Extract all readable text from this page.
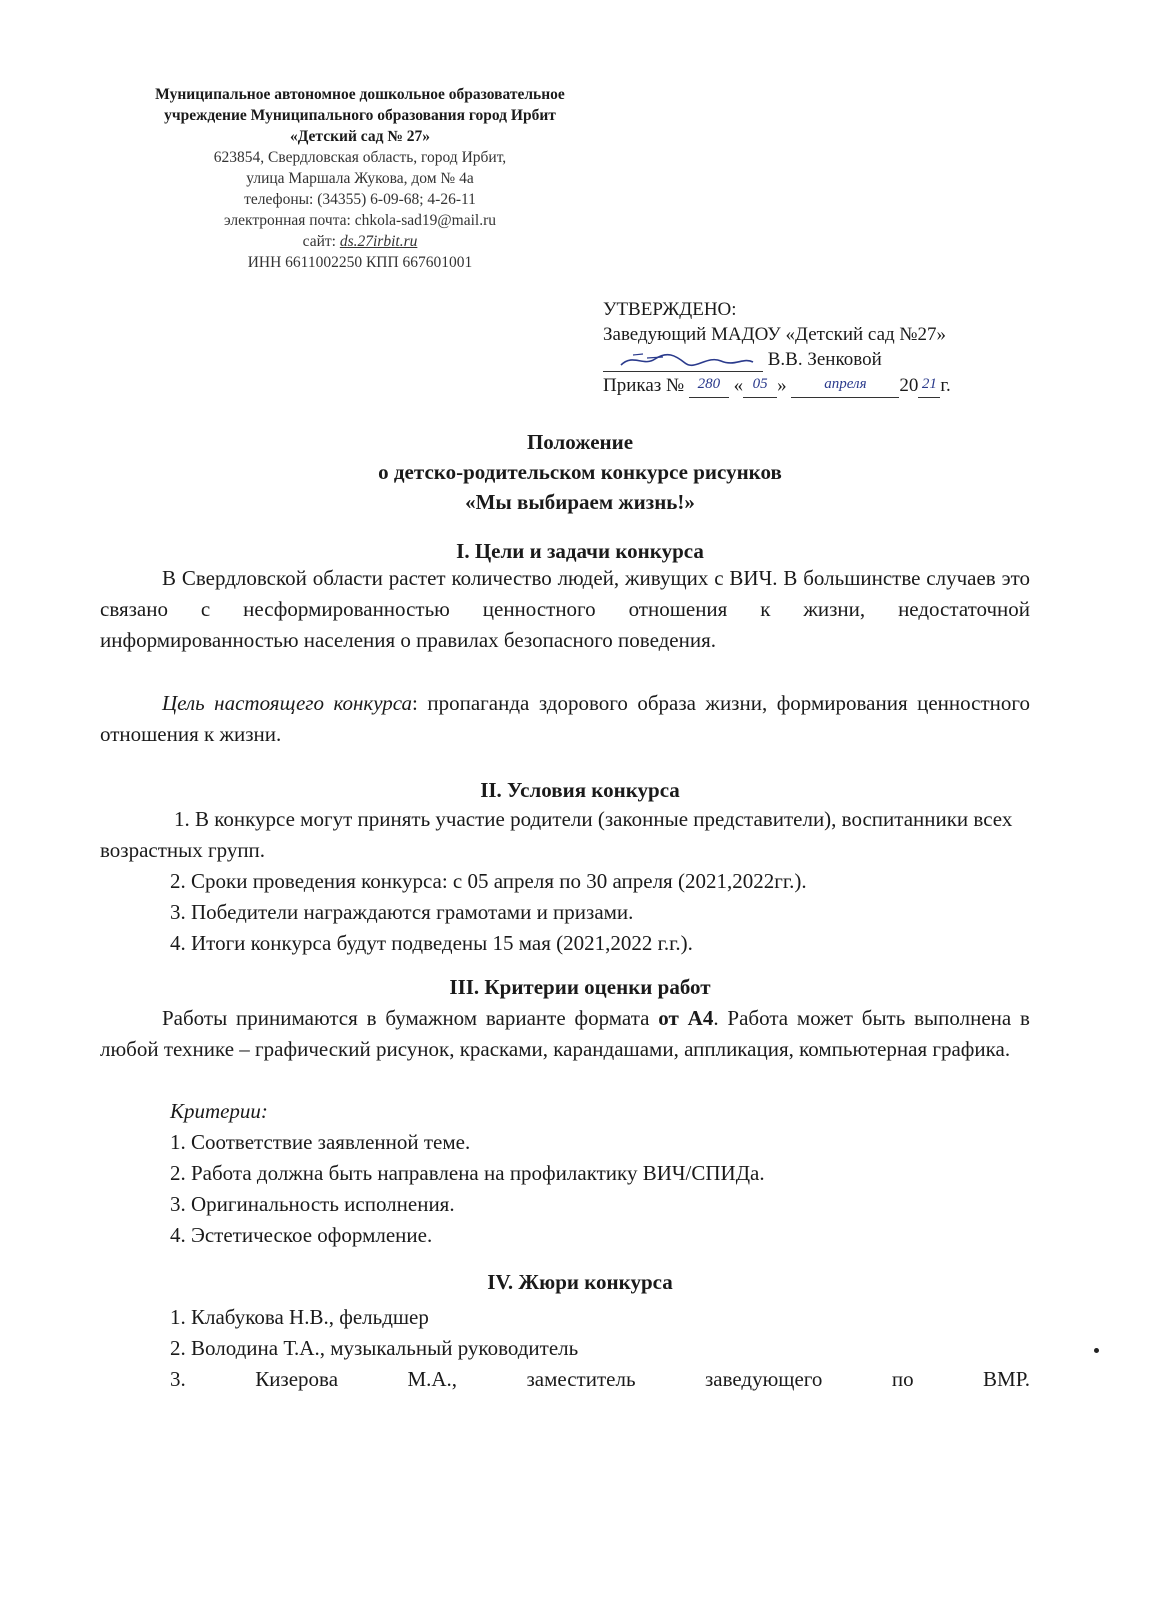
Муниципальное автономное дошкольное образовательное
учреждение Муниципального образования город Ирбит
«Детский сад № 27»
623854, Свердловская область, город Ирбит,
улица Маршала Жукова, дом № 4а
телефоны: (34355) 6-09-68; 4-26-11
электронная почта: chkola-sad19@mail.ru
сайт: ds.27irbit.ru
ИНН 6611002250 КПП 667601001
УТВЕРЖДЕНО:
Заведующий МАДОУ «Детский сад №27»
В.В. Зенковой
Приказ № 280 « 05 »	апреля 20 21 г.
Положение
о детско-родительском конкурсе рисунков
«Мы выбираем жизнь!»
I. Цели и задачи конкурса
В Свердловской области растет количество людей, живущих с ВИЧ. В большинстве случаев это связано с несформированностью ценностного отношения к жизни, недостаточной информированностью населения о правилах безопасного поведения.
Цель настоящего конкурса: пропаганда здорового образа жизни, формирования ценностного отношения к жизни.
II. Условия конкурса
1. В конкурсе могут принять участие родители (законные представители), воспитанники всех возрастных групп.
2. Сроки проведения конкурса: с 05 апреля по 30 апреля (2021,2022гг.).
3. Победители награждаются грамотами и призами.
4. Итоги конкурса будут подведены 15 мая (2021,2022 г.г.).
III. Критерии оценки работ
Работы принимаются в бумажном варианте формата от А4. Работа может быть выполнена в любой технике – графический рисунок, красками, карандашами, аппликация, компьютерная графика.
Критерии:
1. Соответствие заявленной теме.
2. Работа должна быть направлена на профилактику ВИЧ/СПИДа.
3. Оригинальность исполнения.
4. Эстетическое оформление.
IV. Жюри конкурса
1. Клабукова Н.В., фельдшер
2. Володина Т.А., музыкальный руководитель
3.	Кизерова	М.А.,	заместитель	заведующего	по	ВМР.
